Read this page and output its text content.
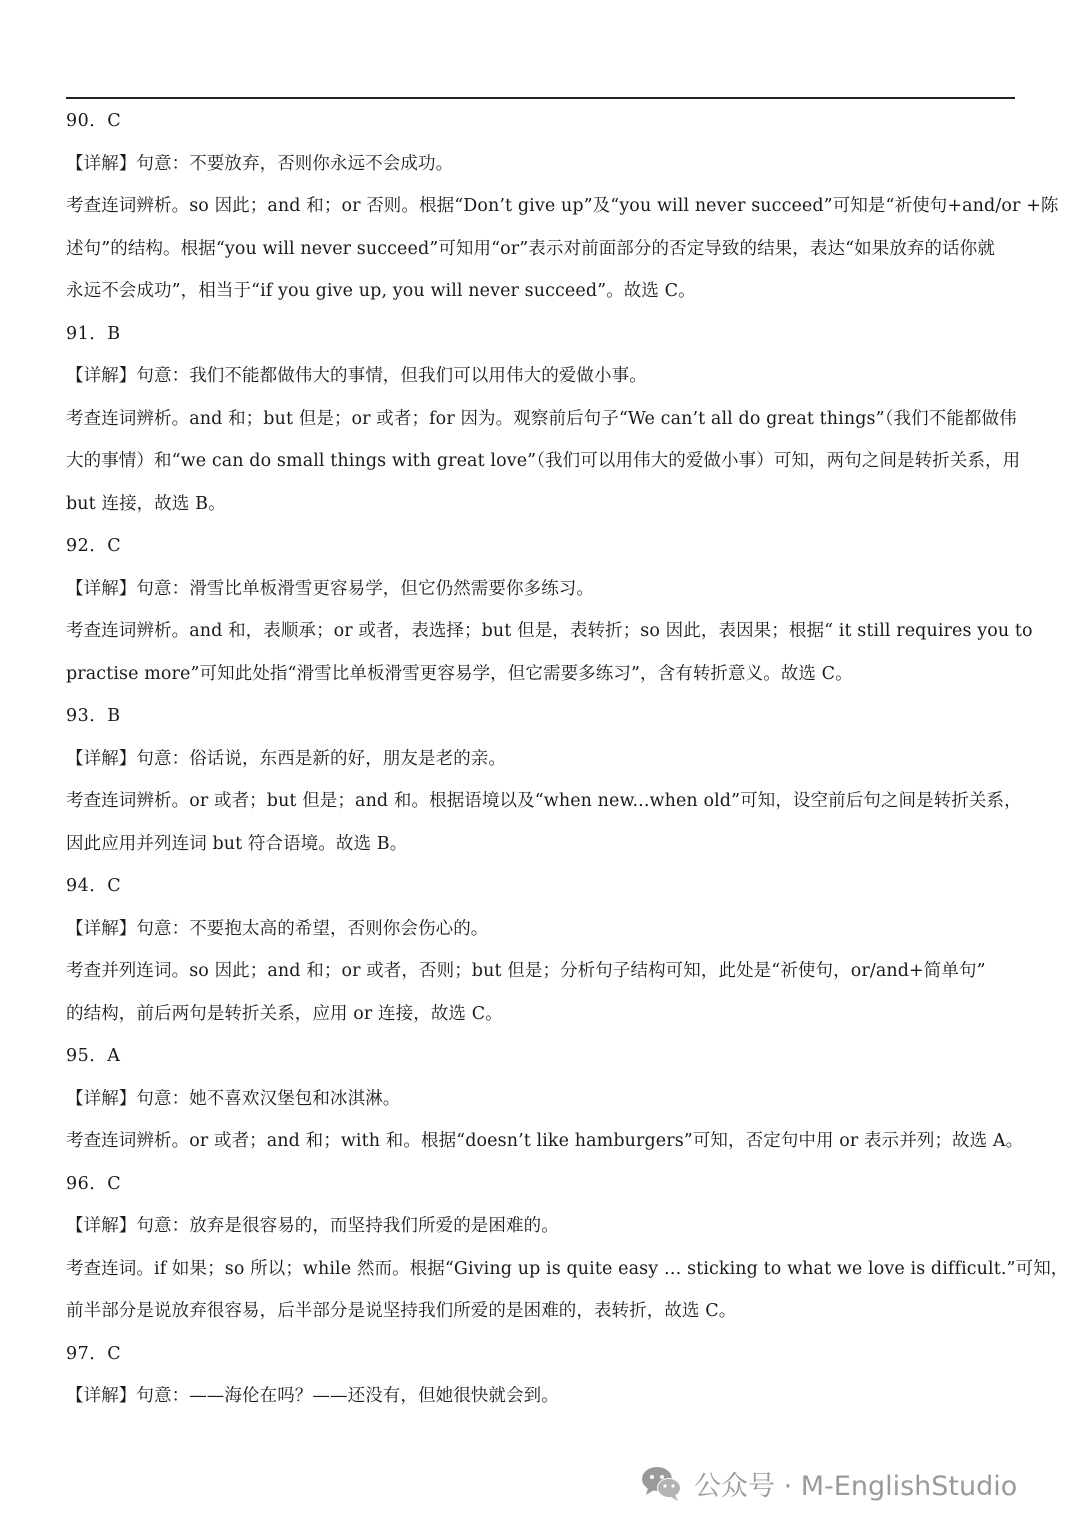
90．C
【详解】句意：不要放弃，否则你永远不会成功。
考查连词辨析。so 因此；and 和；or 否则。根据“Don’t give up”及“you will never succeed”可知是“祈使句+and/or +陈
述句”的结构。根据“you will never succeed”可知用“or”表示对前面部分的否定导致的结果，表达“如果放弃的话你就
永远不会成功”，相当于“if you give up, you will never succeed”。故选 C。
91．B
【详解】句意：我们不能都做伟大的事情，但我们可以用伟大的爱做小事。
考查连词辨析。and 和；but 但是；or 或者；for 因为。观察前后句子“We can’t all do great things”（我们不能都做伟
大的事情）和“we can do small things with great love”（我们可以用伟大的爱做小事）可知，两句之间是转折关系，用
but 连接，故选 B。
92．C
【详解】句意：滑雪比单板滑雪更容易学，但它仍然需要你多练习。
考查连词辨析。and 和，表顺承；or 或者，表选择；but 但是，表转折；so 因此，表因果；根据“ it still requires you to
practise more”可知此处指“滑雪比单板滑雪更容易学，但它需要多练习”，含有转折意义。故选 C。
93．B
【详解】句意：俗话说，东西是新的好，朋友是老的亲。
考查连词辨析。or 或者；but 但是；and 和。根据语境以及“when new...when old”可知，设空前后句之间是转折关系，
因此应用并列连词 but 符合语境。故选 B。
94．C
【详解】句意：不要抱太高的希望，否则你会伤心的。
考查并列连词。so 因此；and 和；or 或者，否则；but 但是；分析句子结构可知，此处是“祈使句，or/and+简单句”
的结构，前后两句是转折关系，应用 or 连接，故选 C。
95．A
【详解】句意：她不喜欢汉堡包和冰淇淋。
考查连词辨析。or 或者；and 和；with 和。根据“doesn’t like hamburgers”可知，否定句中用 or 表示并列；故选 A。
96．C
【详解】句意：放弃是很容易的，而坚持我们所爱的是困难的。
考查连词。if 如果；so 所以；while 然而。根据“Giving up is quite easy … sticking to what we love is difficult.”可知，
前半部分是说放弃很容易，后半部分是说坚持我们所爱的是困难的，表转折，故选 C。
97．C
【详解】句意：——海伦在吗？——还没有，但她很快就会到。
公众号 · M-EnglishStudio
